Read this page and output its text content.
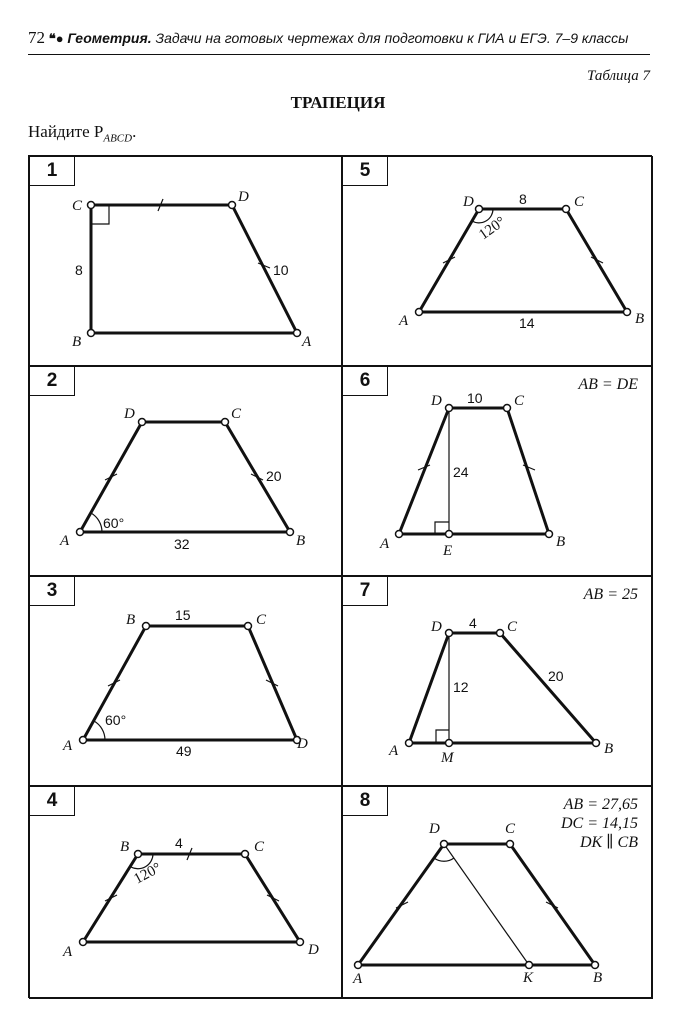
72 ❝● Геометрия. Задачи на готовых чертежах для подготовки к ГИА и ЕГЭ. 7–9 классы
Таблица 7
ТРАПЕЦИЯ
Найдите $P_{ABCD}$.
1
C
D
B	A
8	10
5
D	C
A	B
8
120°
14
2
D	C
A	B
20
60°
32
6	AB = DE
D	C
A	B
E
10
24
3
B	C
A	D
15
60°
49
7	AB = 25
D	C
A	B
M
4
12
20
4
B	C
A	D
4
120°
8	AB = 27,65
DC = 14,15
DK ∥ CB
D	C
A	B
K
